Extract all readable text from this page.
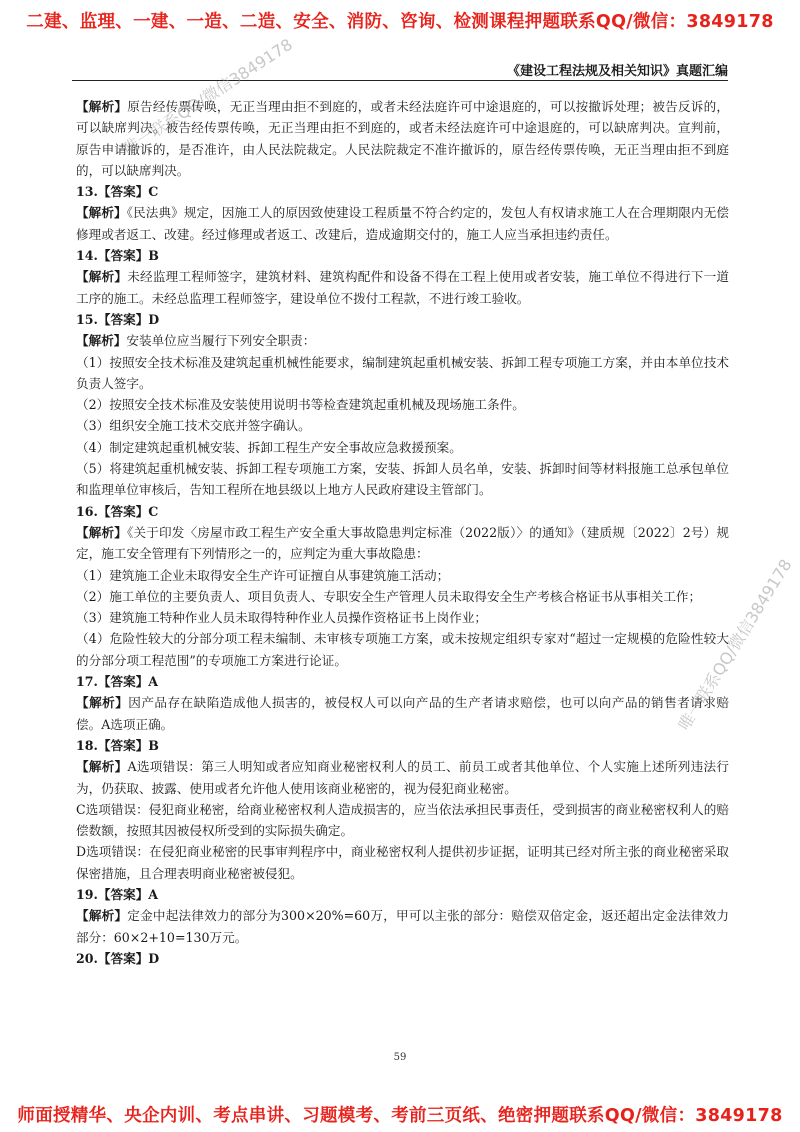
二建、监理、一建、一造、二造、安全、消防、咨询、检测课程押题联系QQ/微信：3849178
《建设工程法规及相关知识》真题汇编

【解析】原告经传票传唤，无正当理由拒不到庭的，或者未经法庭许可中途退庭的，可以按撤诉处理；被告反诉的，可以缺席判决。被告经传票传唤，无正当理由拒不到庭的，或者未经法庭许可中途退庭的，可以缺席判决。宣判前，原告申请撤诉的，是否准许，由人民法院裁定。人民法院裁定不准许撤诉的，原告经传票传唤，无正当理由拒不到庭的，可以缺席判决。

13.【答案】C

【解析】《民法典》规定，因施工人的原因致使建设工程质量不符合约定的，发包人有权请求施工人在合理期限内无偿修理或者返工、改建。经过修理或者返工、改建后，造成逾期交付的，施工人应当承担违约责任。

14.【答案】B

【解析】未经监理工程师签字，建筑材料、建筑构配件和设备不得在工程上使用或者安装，施工单位不得进行下一道工序的施工。未经总监理工程师签字，建设单位不拨付工程款，不进行竣工验收。

15.【答案】D

【解析】安装单位应当履行下列安全职责：

（1）按照安全技术标准及建筑起重机械性能要求，编制建筑起重机械安装、拆卸工程专项施工方案，并由本单位技术负责人签字。

（2）按照安全技术标准及安装使用说明书等检查建筑起重机械及现场施工条件。

（3）组织安全施工技术交底并签字确认。

（4）制定建筑起重机械安装、拆卸工程生产安全事故应急救援预案。

（5）将建筑起重机械安装、拆卸工程专项施工方案，安装、拆卸人员名单，安装、拆卸时间等材料报施工总承包单位和监理单位审核后，告知工程所在地县级以上地方人民政府建设主管部门。

16.【答案】C

【解析】《关于印发〈房屋市政工程生产安全重大事故隐患判定标准（2022版）〉的通知》（建质规〔2022〕2号）规定，施工安全管理有下列情形之一的，应判定为重大事故隐患：

（1）建筑施工企业未取得安全生产许可证擅自从事建筑施工活动；

（2）施工单位的主要负责人、项目负责人、专职安全生产管理人员未取得安全生产考核合格证书从事相关工作；

（3）建筑施工特种作业人员未取得特种作业人员操作资格证书上岗作业；

（4）危险性较大的分部分项工程未编制、未审核专项施工方案，或未按规定组织专家对“超过一定规模的危险性较大的分部分项工程范围”的专项施工方案进行论证。

17.【答案】A

【解析】因产品存在缺陷造成他人损害的，被侵权人可以向产品的生产者请求赔偿，也可以向产品的销售者请求赔偿。A选项正确。

18.【答案】B

【解析】A选项错误：第三人明知或者应知商业秘密权利人的员工、前员工或者其他单位、个人实施上述所列违法行为，仍获取、披露、使用或者允许他人使用该商业秘密的，视为侵犯商业秘密。

C选项错误：侵犯商业秘密，给商业秘密权利人造成损害的，应当依法承担民事责任，受到损害的商业秘密权利人的赔偿数额，按照其因被侵权所受到的实际损失确定。

D选项错误：在侵犯商业秘密的民事审判程序中，商业秘密权利人提供初步证据，证明其已经对所主张的商业秘密采取保密措施，且合理表明商业秘密被侵犯。

19.【答案】A

【解析】定金中起法律效力的部分为300×20%=60万，甲可以主张的部分：赔偿双倍定金，返还超出定金法律效力部分：60×2+10=130万元。

20.【答案】D

唯一联系QQ/微信3849178
唯一联系QQ/微信3849178
59
师面授精华、央企内训、考点串讲、习题模考、考前三页纸、绝密押题联系QQ/微信：3849178
